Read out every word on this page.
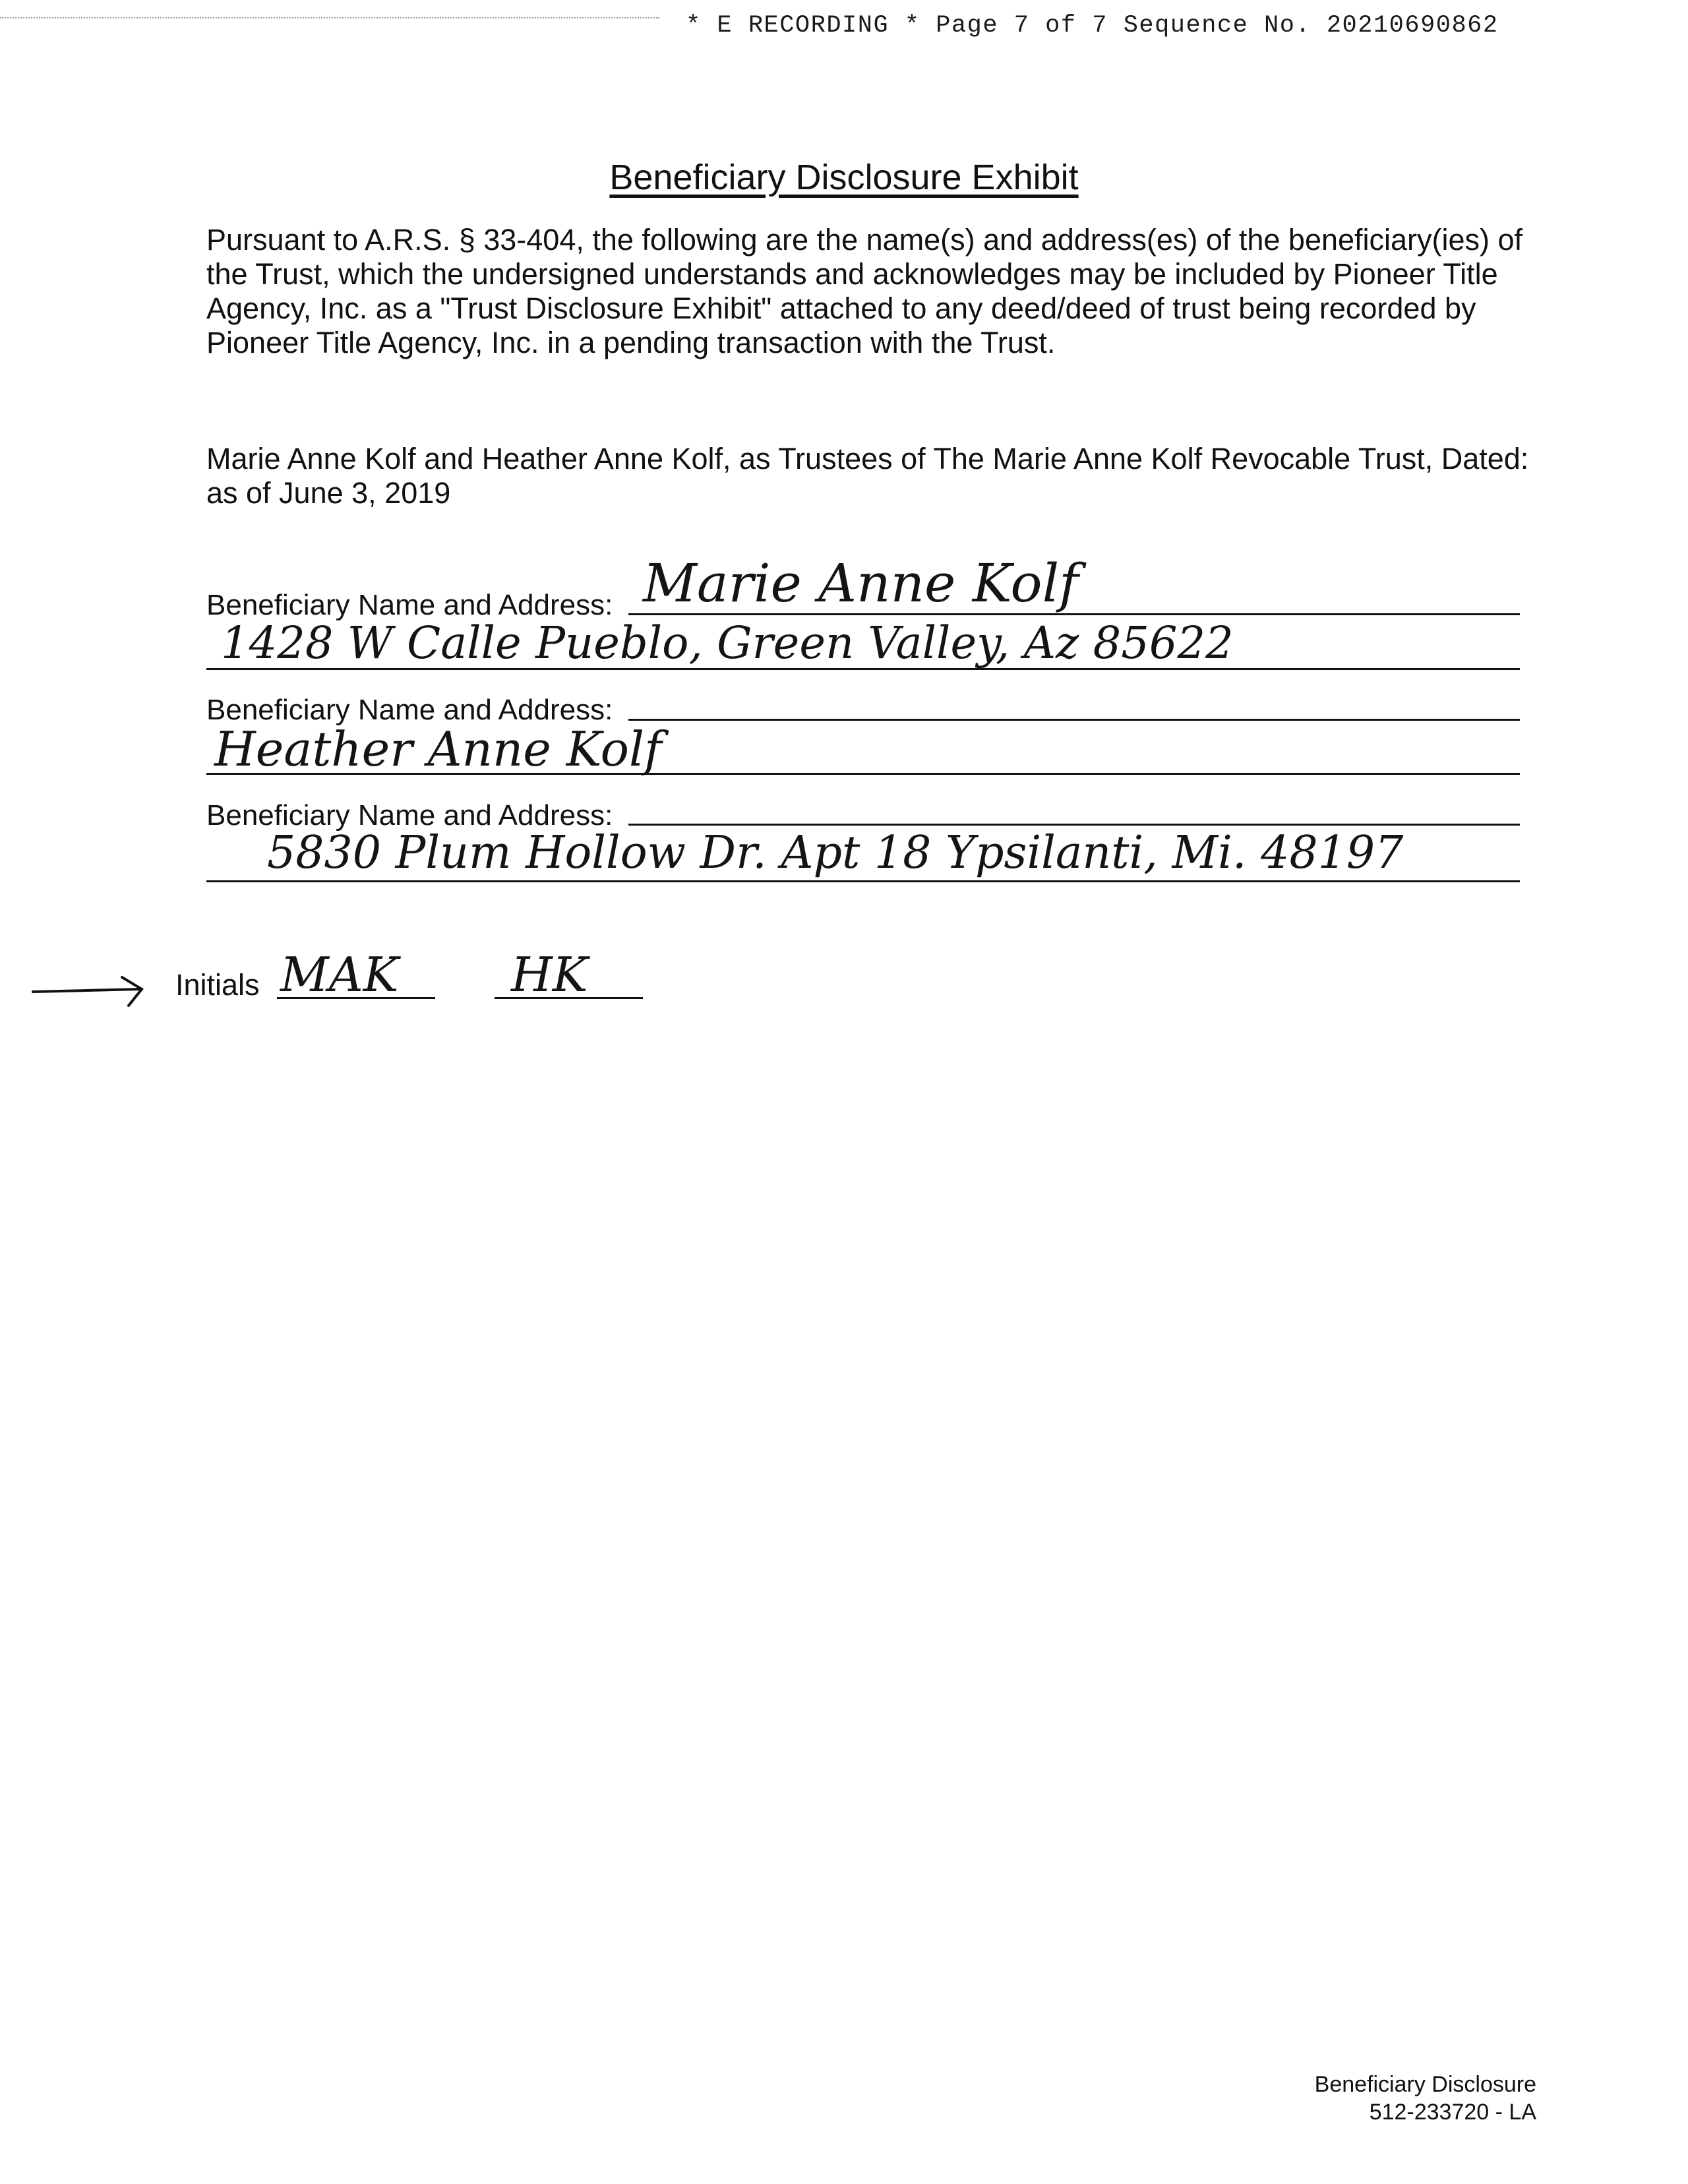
* E RECORDING * Page 7 of 7 Sequence No. 20210690862
Beneficiary Disclosure Exhibit
Pursuant to A.R.S. § 33-404, the following are the name(s) and address(es) of the beneficiary(ies) of the Trust, which the undersigned understands and acknowledges may be included by Pioneer Title Agency, Inc. as a "Trust Disclosure Exhibit" attached to any deed/deed of trust being recorded by Pioneer Title Agency, Inc. in a pending transaction with the Trust.
Marie Anne Kolf and Heather Anne Kolf, as Trustees of The Marie Anne Kolf Revocable Trust, Dated: as of June 3, 2019
Beneficiary Name and Address: Marie Anne Kolf
1428 W Calle Pueblo, Green Valley, Az 85622
Beneficiary Name and Address:
Heather Anne Kolf
Beneficiary Name and Address:
5830 Plum Hollow Dr. Apt 18 Ypsilanti, Mi. 48197
Initials MAK HK
Beneficiary Disclosure
512-233720 - LA
